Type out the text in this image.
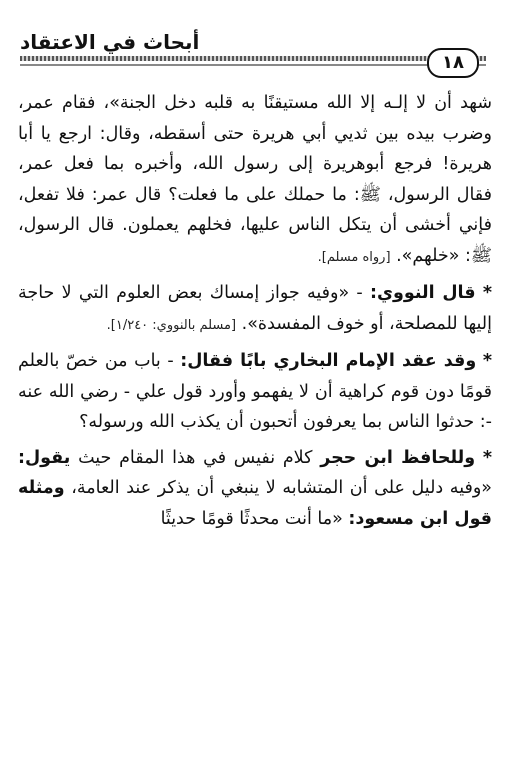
أبحاث في الاعتقاد
١٨

شهد أن لا إلـه إلا الله مستيقنًا به قلبه دخل الجنة»، فقام عمر، وضرب بيده بين ثديي أبي هريرة حتى أسقطه، وقال: ارجع يا أبا هريرة! فرجع أبوهريرة إلى رسول الله، وأخبره بما فعل عمر، فقال الرسول، ﷺ: ما حملك على ما فعلت؟ قال عمر: فلا تفعل، فإني أخشى أن يتكل الناس عليها، فخلهم يعملون. قال الرسول، ﷺ: «خلهم». [رواه مسلم].

* قال النووي: - «وفيه جواز إمساك بعض العلوم التي لا حاجة إليها للمصلحة، أو خوف المفسدة». [مسلم بالنووي: ١/٢٤٠].

* وقد عقد الإمام البخاري بابًا فقال: - باب من خصّ بالعلم قومًا دون قوم كراهية أن لا يفهمو وأورد قول علي - رضي الله عنه -: حدثوا الناس بما يعرفون أتحبون أن يكذب الله ورسوله؟

* وللحافظ ابن حجر كلام نفيس في هذا المقام حيث يقول: «وفيه دليل على أن المتشابه لا ينبغي أن يذكر عند العامة، ومثله قول ابن مسعود: «ما أنت محدثًا قومًا حديثًا
